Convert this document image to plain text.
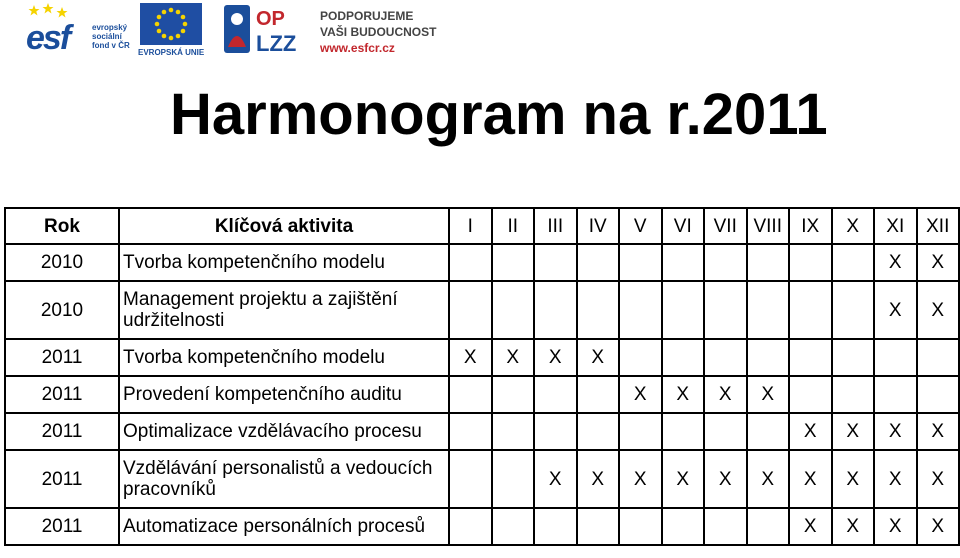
esf	evropský
sociální
fond v ČR
EVROPSKÁ UNIE
OP
LZZ
PODPORUJEME
VAŠI BUDOUCNOST
www.esfcr.cz
Harmonogram na r.2011
Rok	Klíčová aktivita	I	II	III	IV	V	VI	VII	VIII	IX	X	XI	XII
2010	Tvorba kompetenčního modelu											X	X
2010	Management projektu a zajištění udržitelnosti											X	X
2011	Tvorba kompetenčního modelu	X	X	X	X								
2011	Provedení kompetenčního auditu					X	X	X	X				
2011	Optimalizace vzdělávacího procesu									X	X	X	X
2011	Vzdělávání personalistů a vedoucích pracovníků			X	X	X	X	X	X	X	X	X	X
2011	Automatizace personálních procesů									X	X	X	X
